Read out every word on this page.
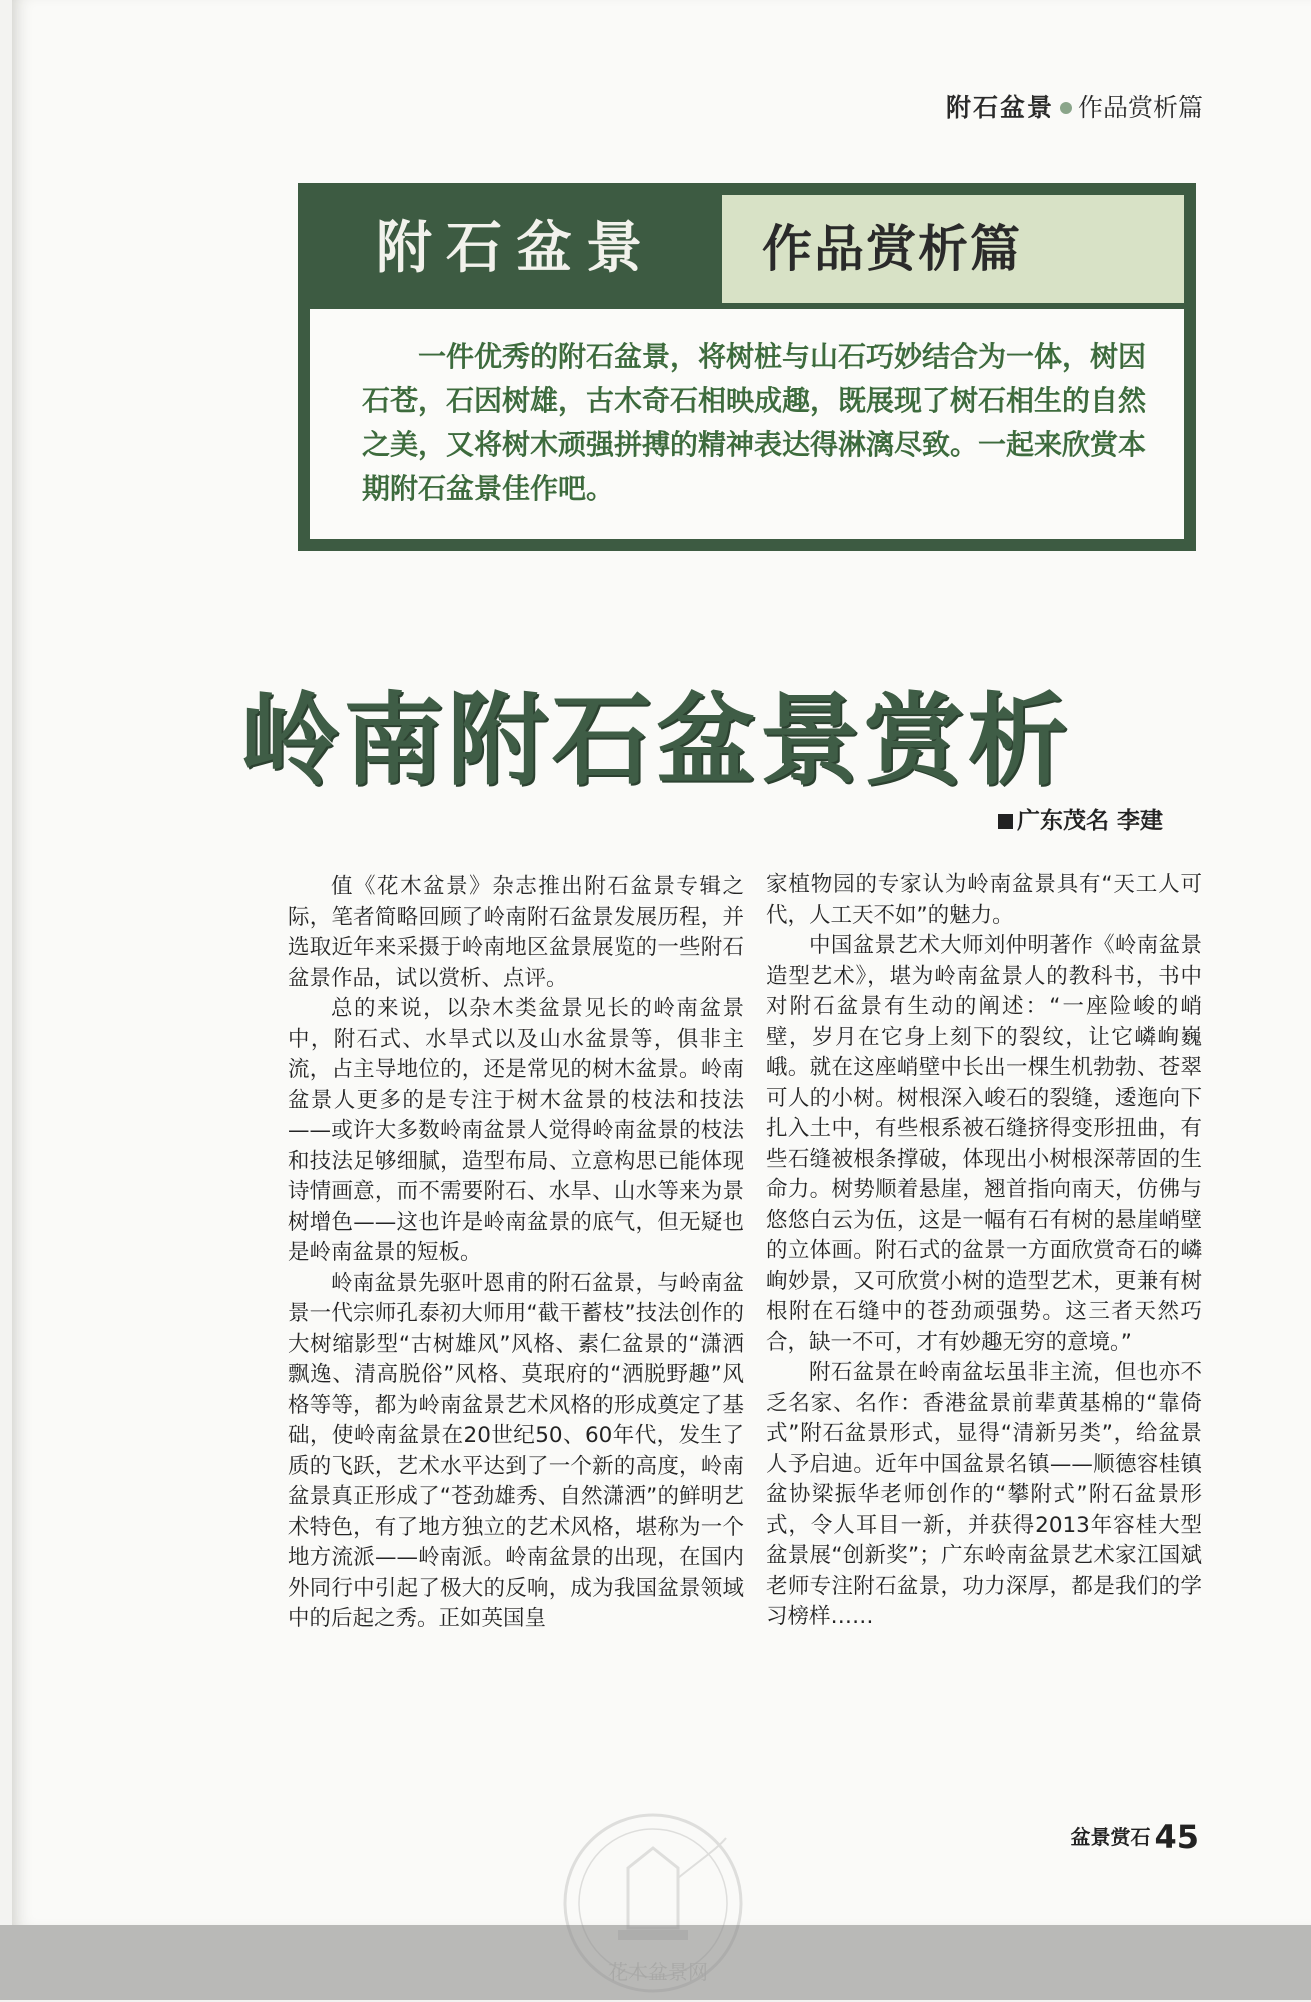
附石盆景 作品赏析篇
附石盆景	作品赏析篇

一件优秀的附石盆景，将树桩与山石巧妙结合为一体，树因石苍，石因树雄，古木奇石相映成趣，既展现了树石相生的自然之美，又将树木顽强拼搏的精神表达得淋漓尽致。一起来欣赏本期附石盆景佳作吧。

岭南附石盆景赏析
广东茂名 李建

值《花木盆景》杂志推出附石盆景专辑之际，笔者简略回顾了岭南附石盆景发展历程，并选取近年来采摄于岭南地区盆景展览的一些附石盆景作品，试以赏析、点评。

总的来说，以杂木类盆景见长的岭南盆景中，附石式、水旱式以及山水盆景等，俱非主流，占主导地位的，还是常见的树木盆景。岭南盆景人更多的是专注于树木盆景的枝法和技法——或许大多数岭南盆景人觉得岭南盆景的枝法和技法足够细腻，造型布局、立意构思已能体现诗情画意，而不需要附石、水旱、山水等来为景树增色——这也许是岭南盆景的底气，但无疑也是岭南盆景的短板。

岭南盆景先驱叶恩甫的附石盆景，与岭南盆景一代宗师孔泰初大师用“截干蓄枝”技法创作的大树缩影型“古树雄风”风格、素仁盆景的“潇洒飘逸、清高脱俗”风格、莫珉府的“洒脱野趣”风格等等，都为岭南盆景艺术风格的形成奠定了基础，使岭南盆景在20世纪50、60年代，发生了质的飞跃，艺术水平达到了一个新的高度，岭南盆景真正形成了“苍劲雄秀、自然潇洒”的鲜明艺术特色，有了地方独立的艺术风格，堪称为一个地方流派——岭南派。岭南盆景的出现，在国内外同行中引起了极大的反响，成为我国盆景领域中的后起之秀。正如英国皇

家植物园的专家认为岭南盆景具有“天工人可代，人工天不如”的魅力。

中国盆景艺术大师刘仲明著作《岭南盆景造型艺术》，堪为岭南盆景人的教科书，书中对附石盆景有生动的阐述：“一座险峻的峭壁，岁月在它身上刻下的裂纹，让它嶙峋巍峨。就在这座峭壁中长出一棵生机勃勃、苍翠可人的小树。树根深入峻石的裂缝，逶迤向下扎入土中，有些根系被石缝挤得变形扭曲，有些石缝被根条撑破，体现出小树根深蒂固的生命力。树势顺着悬崖，翘首指向南天，仿佛与悠悠白云为伍，这是一幅有石有树的悬崖峭壁的立体画。附石式的盆景一方面欣赏奇石的嶙峋妙景，又可欣赏小树的造型艺术，更兼有树根附在石缝中的苍劲顽强势。这三者天然巧合，缺一不可，才有妙趣无穷的意境。”

附石盆景在岭南盆坛虽非主流，但也亦不乏名家、名作：香港盆景前辈黄基棉的“靠倚式”附石盆景形式，显得“清新另类”，给盆景人予启迪。近年中国盆景名镇——顺德容桂镇盆协梁振华老师创作的“攀附式”附石盆景形式，令人耳目一新，并获得2013年容桂大型盆景展“创新奖”；广东岭南盆景艺术家江国斌老师专注附石盆景，功力深厚，都是我们的学习榜样……

盆景赏石 45
花木盆景网
